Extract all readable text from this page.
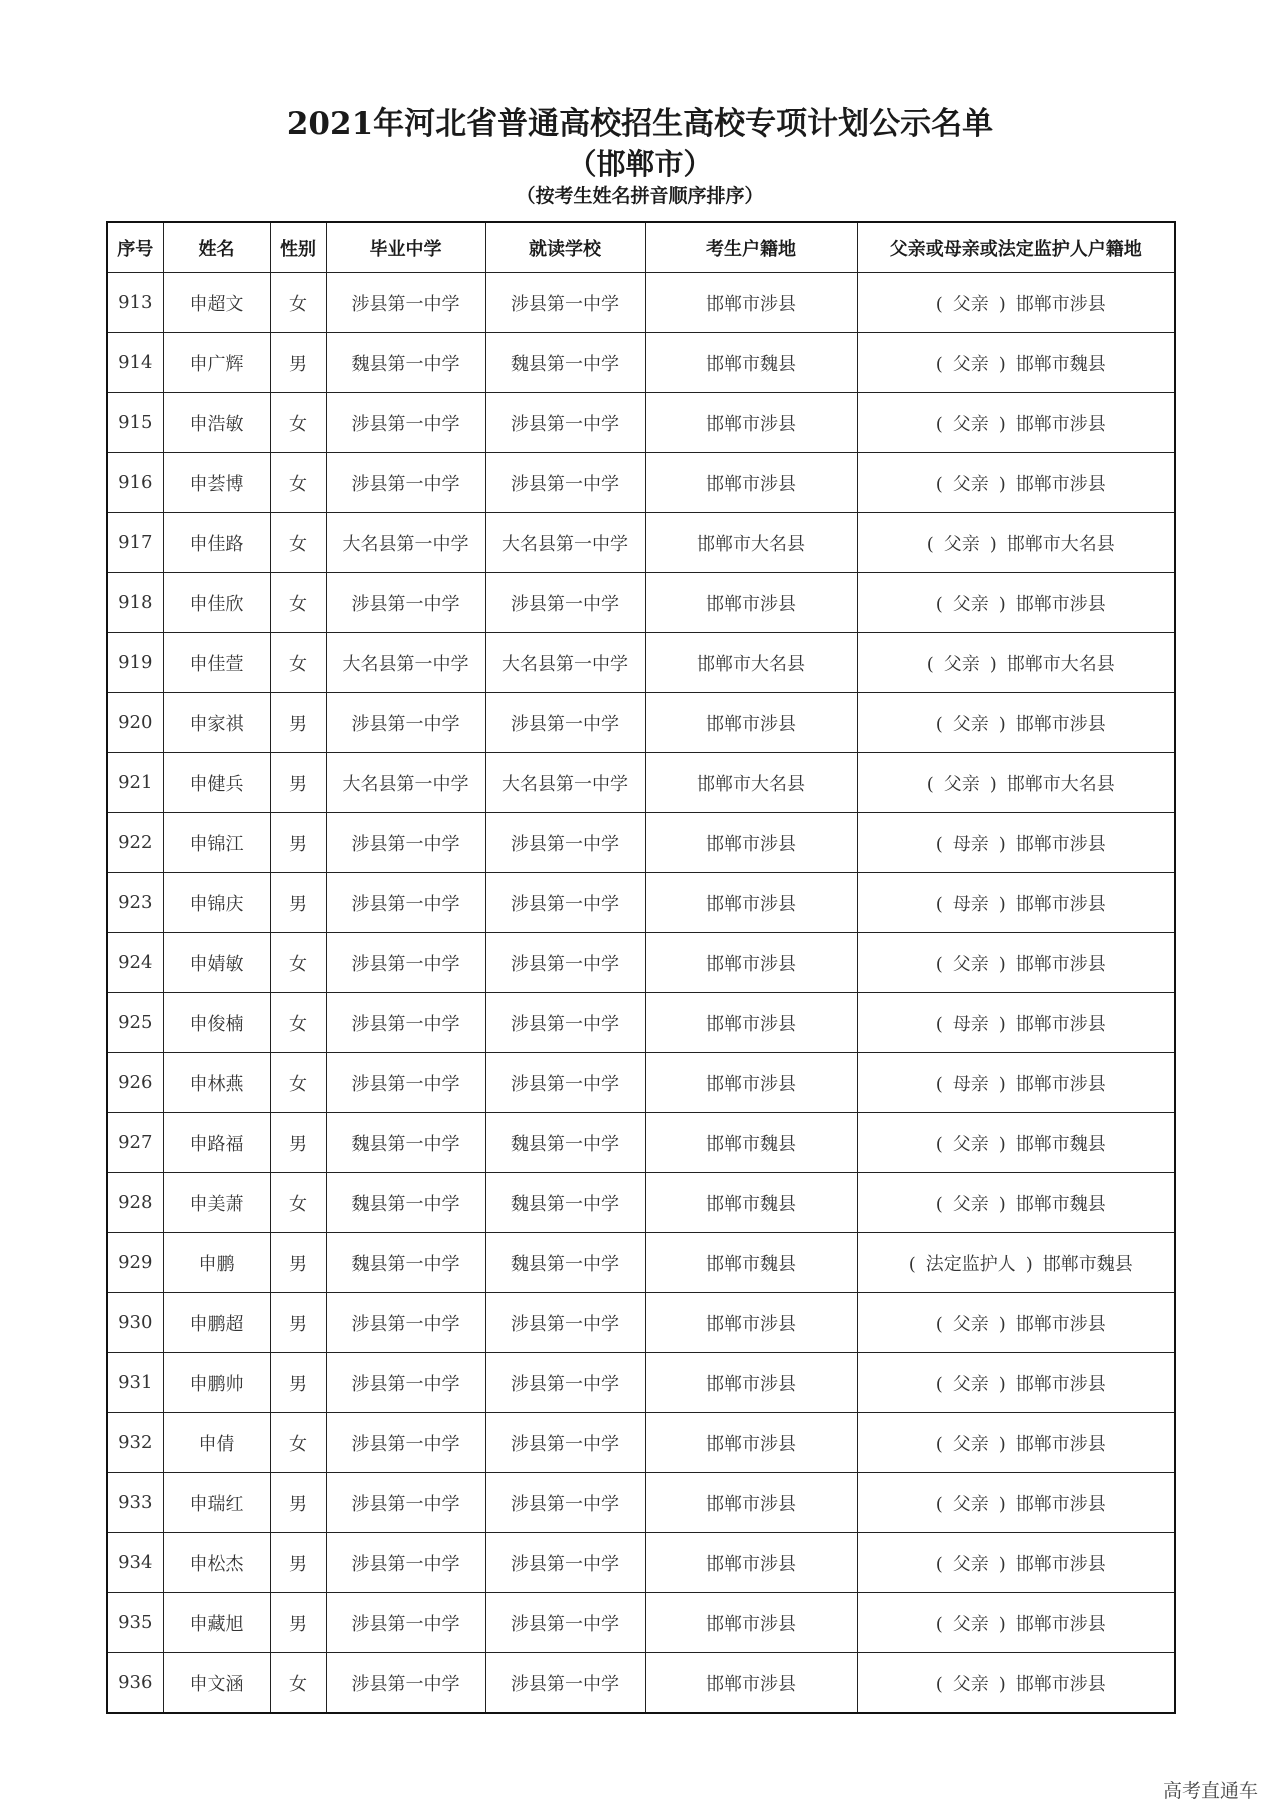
2021年河北省普通高校招生高校专项计划公示名单
（邯郸市）
（按考生姓名拼音顺序排序）
序号	姓名	性别	毕业中学	就读学校	考生户籍地	父亲或母亲或法定监护人户籍地
913	申超文	女	涉县第一中学	涉县第一中学	邯郸市涉县	( 父亲 ) 邯郸市涉县
914	申广辉	男	魏县第一中学	魏县第一中学	邯郸市魏县	( 父亲 ) 邯郸市魏县
915	申浩敏	女	涉县第一中学	涉县第一中学	邯郸市涉县	( 父亲 ) 邯郸市涉县
916	申荟博	女	涉县第一中学	涉县第一中学	邯郸市涉县	( 父亲 ) 邯郸市涉县
917	申佳路	女	大名县第一中学	大名县第一中学	邯郸市大名县	( 父亲 ) 邯郸市大名县
918	申佳欣	女	涉县第一中学	涉县第一中学	邯郸市涉县	( 父亲 ) 邯郸市涉县
919	申佳萱	女	大名县第一中学	大名县第一中学	邯郸市大名县	( 父亲 ) 邯郸市大名县
920	申家祺	男	涉县第一中学	涉县第一中学	邯郸市涉县	( 父亲 ) 邯郸市涉县
921	申健兵	男	大名县第一中学	大名县第一中学	邯郸市大名县	( 父亲 ) 邯郸市大名县
922	申锦江	男	涉县第一中学	涉县第一中学	邯郸市涉县	( 母亲 ) 邯郸市涉县
923	申锦庆	男	涉县第一中学	涉县第一中学	邯郸市涉县	( 母亲 ) 邯郸市涉县
924	申婧敏	女	涉县第一中学	涉县第一中学	邯郸市涉县	( 父亲 ) 邯郸市涉县
925	申俊楠	女	涉县第一中学	涉县第一中学	邯郸市涉县	( 母亲 ) 邯郸市涉县
926	申林燕	女	涉县第一中学	涉县第一中学	邯郸市涉县	( 母亲 ) 邯郸市涉县
927	申路福	男	魏县第一中学	魏县第一中学	邯郸市魏县	( 父亲 ) 邯郸市魏县
928	申美萧	女	魏县第一中学	魏县第一中学	邯郸市魏县	( 父亲 ) 邯郸市魏县
929	申鹏	男	魏县第一中学	魏县第一中学	邯郸市魏县	( 法定监护人 ) 邯郸市魏县
930	申鹏超	男	涉县第一中学	涉县第一中学	邯郸市涉县	( 父亲 ) 邯郸市涉县
931	申鹏帅	男	涉县第一中学	涉县第一中学	邯郸市涉县	( 父亲 ) 邯郸市涉县
932	申倩	女	涉县第一中学	涉县第一中学	邯郸市涉县	( 父亲 ) 邯郸市涉县
933	申瑞红	男	涉县第一中学	涉县第一中学	邯郸市涉县	( 父亲 ) 邯郸市涉县
934	申松杰	男	涉县第一中学	涉县第一中学	邯郸市涉县	( 父亲 ) 邯郸市涉县
935	申藏旭	男	涉县第一中学	涉县第一中学	邯郸市涉县	( 父亲 ) 邯郸市涉县
936	申文涵	女	涉县第一中学	涉县第一中学	邯郸市涉县	( 父亲 ) 邯郸市涉县
高考直通车
